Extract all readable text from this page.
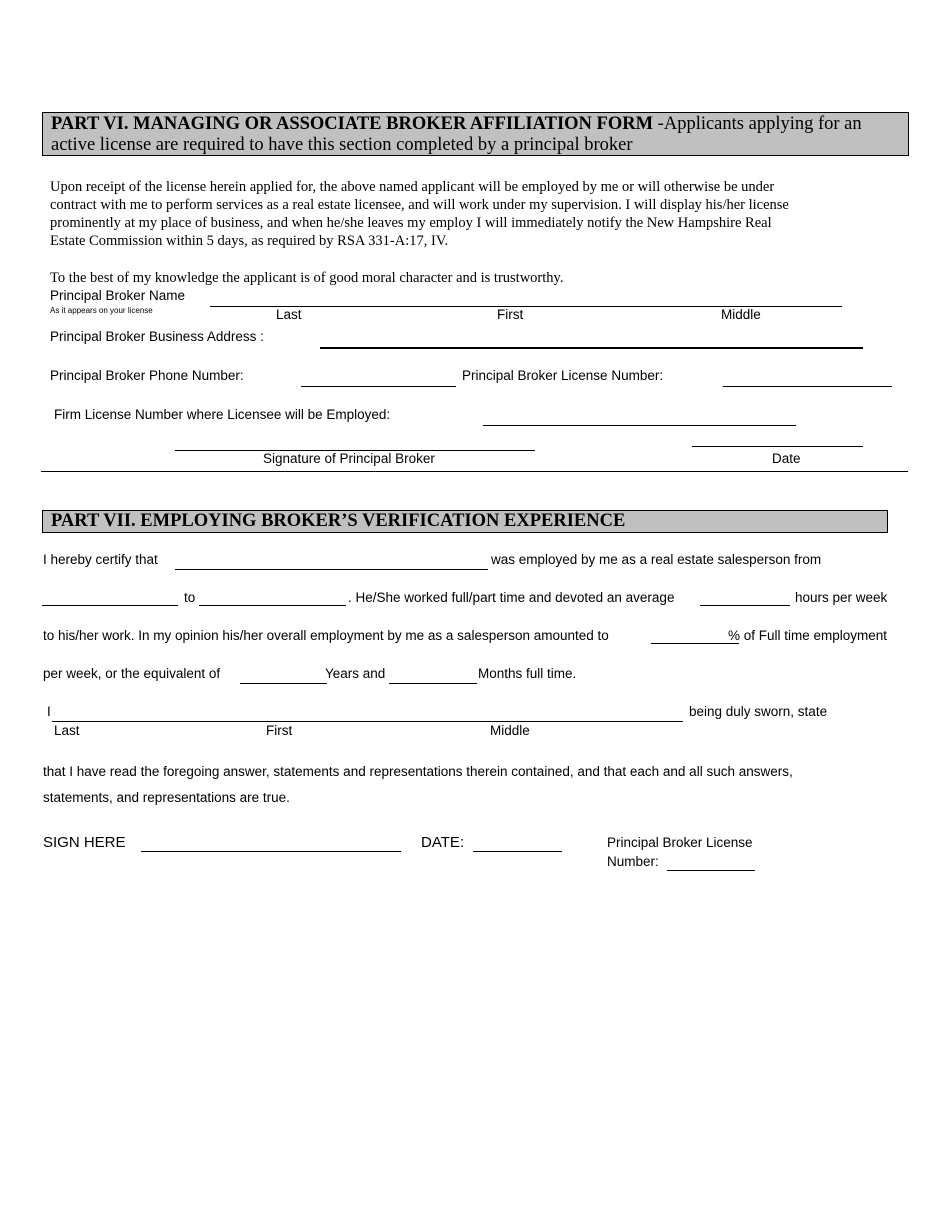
PART VI. MANAGING OR ASSOCIATE BROKER AFFILIATION FORM -Applicants applying for an
active license are required to have this section completed by a principal broker
Upon receipt of the license herein applied for, the above named applicant will be employed by me or will otherwise be under
contract with me to perform services as a real estate licensee, and will work under my supervision. I will display his/her license
prominently at my place of business, and when he/she leaves my employ I will immediately notify the New Hampshire Real
Estate Commission within 5 days, as required by RSA 331-A:17, IV.
To the best of my knowledge the applicant is of good moral character and is trustworthy.
Principal Broker Name
As it appears on your license	Last	First	Middle
Principal Broker Business Address :
Principal Broker Phone Number:	Principal Broker License Number:
Firm License Number where Licensee will be Employed:
Signature of Principal Broker	Date
PART VII. EMPLOYING BROKER’S VERIFICATION EXPERIENCE
I hereby certify that	was employed by me as a real estate salesperson from
to	. He/She worked full/part time and devoted an average	hours per week
to his/her work. In my opinion his/her overall employment by me as a salesperson amounted to	% of Full time employment
per week, or the equivalent of	Years and	Months full time.
I	being duly sworn, state
Last	First	Middle
that I have read the foregoing answer, statements and representations therein contained, and that each and all such answers,
statements, and representations are true.
SIGN HERE	DATE:	Principal Broker License
Number:
